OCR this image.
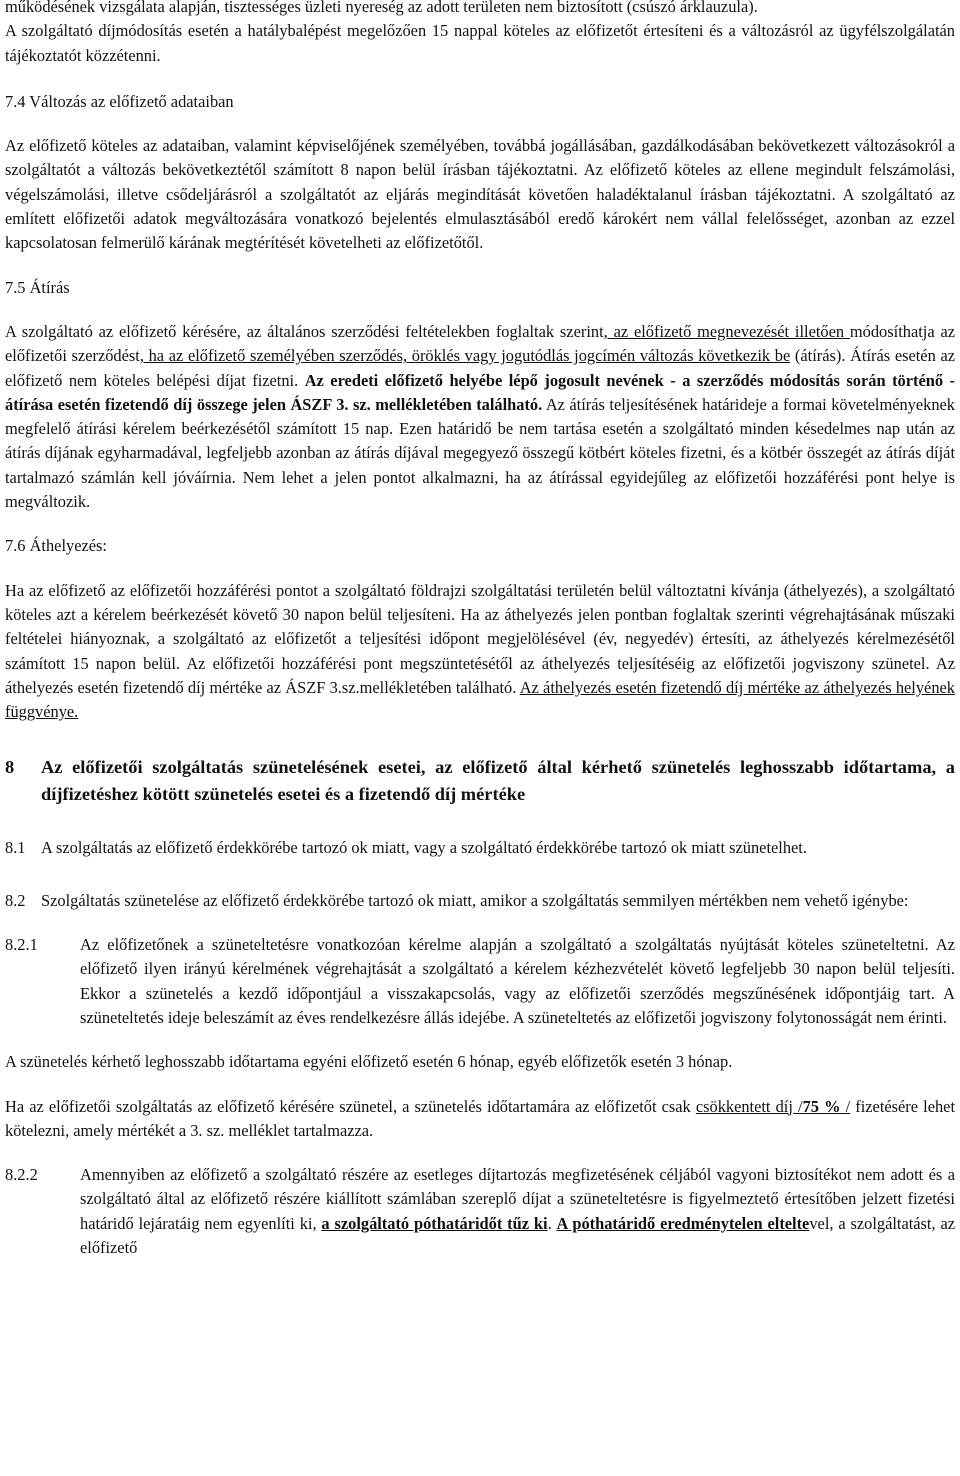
működésének vizsgálata alapján, tisztességes üzleti nyereség az adott területen nem biztosított (csúszó árklauzula).

A szolgáltató díjmódosítás esetén a hatálybalépést megelőzően 15 nappal köteles az előfizetőt értesíteni és a változásról az ügyfélszolgálatán tájékoztatót közzétenni.

7.4 Változás az előfizető adataiban

Az előfizető köteles az adataiban, valamint képviselőjének személyében, továbbá jogállásában, gazdálkodásában bekövetkezett változásokról a szolgáltatót a változás bekövetkeztétől számított 8 napon belül írásban tájékoztatni. Az előfizető köteles az ellene megindult felszámolási, végelszámolási, illetve csődeljárásról a szolgáltatót az eljárás megindítását követően haladéktalanul írásban tájékoztatni. A szolgáltató az említett előfizetői adatok megváltozására vonatkozó bejelentés elmulasztásából eredő károkért nem vállal felelősséget, azonban az ezzel kapcsolatosan felmerülő kárának megtérítését követelheti az előfizetőtől.

7.5 Átírás

A szolgáltató az előfizető kérésére, az általános szerződési feltételekben foglaltak szerint, az előfizető megnevezését illetően módosíthatja az előfizetői szerződést, ha az előfizető személyében szerződés, öröklés vagy jogutódlás jogcímén változás következik be (átírás). Átírás esetén az előfizető nem köteles belépési díjat fizetni. Az eredeti előfizető helyébe lépő jogosult nevének - a szerződés módosítás során történő - átírása esetén fizetendő díj összege jelen ÁSZF 3. sz. mellékletében található. Az átírás teljesítésének határideje a formai követelményeknek megfelelő átírási kérelem beérkezésétől számított 15 nap. Ezen határidő be nem tartása esetén a szolgáltató minden késedelmes nap után az átírás díjának egyharmadával, legfeljebb azonban az átírás díjával megegyező összegű kötbért köteles fizetni, és a kötbér összegét az átírás díját tartalmazó számlán kell jóváírnia. Nem lehet a jelen pontot alkalmazni, ha az átírással egyidejűleg az előfizetői hozzáférési pont helye is megváltozik.

7.6 Áthelyezés:

Ha az előfizető az előfizetői hozzáférési pontot a szolgáltató földrajzi szolgáltatási területén belül változtatni kívánja (áthelyezés), a szolgáltató köteles azt a kérelem beérkezését követő 30 napon belül teljesíteni. Ha az áthelyezés jelen pontban foglaltak szerinti végrehajtásának műszaki feltételei hiányoznak, a szolgáltató az előfizetőt a teljesítési időpont megjelölésével (év, negyedév) értesíti, az áthelyezés kérelmezésétől számított 15 napon belül. Az előfizetői hozzáférési pont megszüntetésétől az áthelyezés teljesítéséig az előfizetői jogviszony szünetel. Az áthelyezés esetén fizetendő díj mértéke az ÁSZF 3.sz.mellékletében található. Az áthelyezés esetén fizetendő díj mértéke az áthelyezés helyének függvénye.

8	Az előfizetői szolgáltatás szünetelésének esetei, az előfizető által kérhető szünetelés leghosszabb időtartama, a díjfizetéshez kötött szünetelés esetei és a fizetendő díj mértéke
8.1 A szolgáltatás az előfizető érdekkörébe tartozó ok miatt, vagy a szolgáltató érdekkörébe tartozó ok miatt szünetelhet.
8.2 Szolgáltatás szünetelése az előfizető érdekkörébe tartozó ok miatt, amikor a szolgáltatás semmilyen mértékben nem vehető igénybe:
8.2.1	Az előfizetőnek a szüneteltetésre vonatkozóan kérelme alapján a szolgáltató a szolgáltatás nyújtását köteles szüneteltetni. Az előfizető ilyen irányú kérelmének végrehajtását a szolgáltató a kérelem kézhezvételét követő legfeljebb 30 napon belül teljesíti. Ekkor a szünetelés a kezdő időpontjául a visszakapcsolás, vagy az előfizetői szerződés megszűnésének időpontjáig tart. A szüneteltetés ideje beleszámít az éves rendelkezésre állás idejébe. A szüneteltetés az előfizetői jogviszony folytonosságát nem érinti.

A szünetelés kérhető leghosszabb időtartama egyéni előfizető esetén 6 hónap, egyéb előfizetők esetén 3 hónap.

Ha az előfizetői szolgáltatás az előfizető kérésére szünetel, a szünetelés időtartamára az előfizetőt csak csökkentett díj /75 % / fizetésére lehet kötelezni, amely mértékét a 3. sz. melléklet tartalmazza.

8.2.2	Amennyiben az előfizető a szolgáltató részére az esetleges díjtartozás megfizetésének céljából vagyoni biztosítékot nem adott és a szolgáltató által az előfizető részére kiállított számlában szereplő díjat a szüneteltetésre is figyelmeztető értesítőben jelzett fizetési határidő lejáratáig nem egyenlíti ki, a szolgáltató póthatáridőt tűz ki. A póthatáridő eredménytelen elteltevel, a szolgáltatást, az előfizető
